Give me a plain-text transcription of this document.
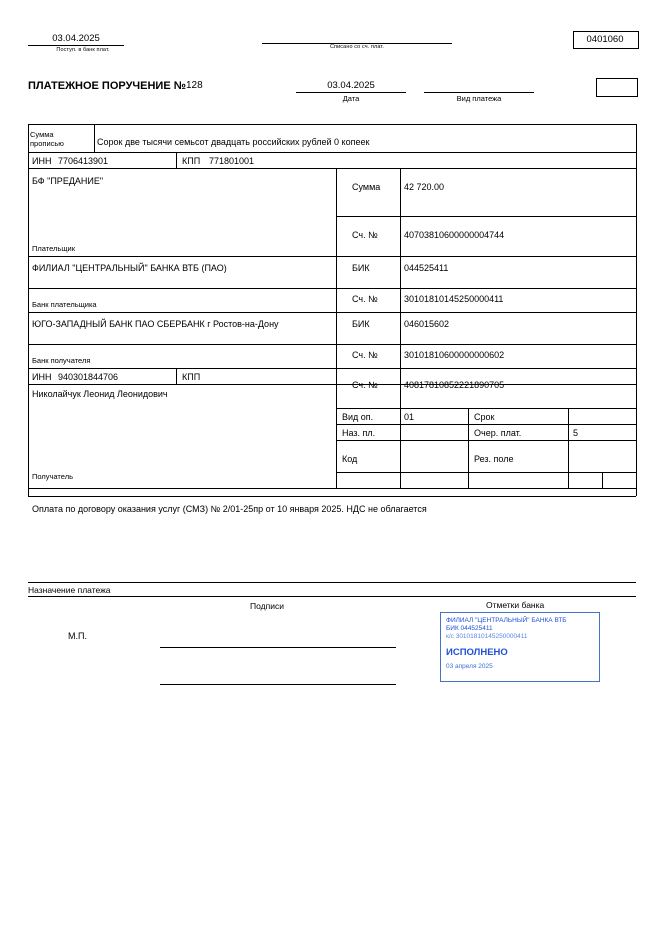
03.04.2025
Поступ. в банк плат.	Списано со сч. плат.
0401060
ПЛАТЕЖНОЕ ПОРУЧЕНИЕ № 128	03.04.2025
Дата	Вид платежа
Сумма
прописью	Сорок две тысячи семьсот двадцать российских рублей 0 копеек
ИНН 7706413901	КПП 771801001
БФ "ПРЕДАНИЕ"
Плательщик
Сумма	42 720.00
Сч. №	40703810600000004744
ФИЛИАЛ "ЦЕНТРАЛЬНЫЙ" БАНКА ВТБ (ПАО)
Банк плательщика
БИК	044525411
Сч. №	30101810145250000411
ЮГО-ЗАПАДНЫЙ БАНК ПАО СБЕРБАНК г Ростов-на-Дону
Банк получателя
БИК	046015602
Сч. №	30101810600000000602
ИНН 940301844706	КПП
Николайчук Леонид Леонидович
Получатель
Сч. №	40817810852221890705
Вид оп.	01	Срок
Наз. пл.	Очер. плат.	5
Код	Рез. поле
Оплата по договору оказания услуг (СМЗ) № 2/01-25пр от 10 января 2025. НДС не облагается
Назначение платежа
Подписи	Отметки банка
М.П.
ФИЛИАЛ "ЦЕНТРАЛЬНЫЙ" БАНКА ВТБ
БИК 044525411
к/с 30101810145250000411
ИСПОЛНЕНО
03 апреля 2025
